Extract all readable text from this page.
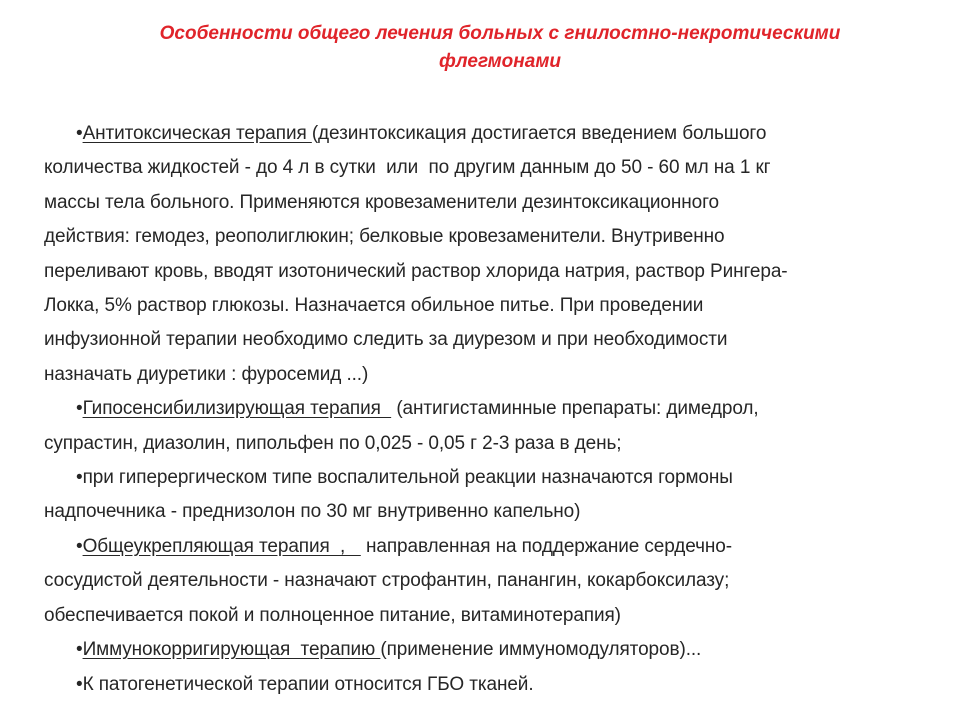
Особенности общего лечения больных с гнилостно-некротическими
флегмонами
•Антитоксическая терапия (дезинтоксикация достигается введением большого
количества жидкостей - до 4 л в сутки  или  по другим данным до 50 - 60 мл на 1 кг
массы тела больного. Применяются кровезаменители дезинтоксикационного
действия: гемодез, реополиглюкин; белковые кровезаменители. Внутривенно
переливают кровь, вводят изотонический раствор хлорида натрия, раствор Рингера-
Локка, 5% раствор глюкозы. Назначается обильное питье. При проведении
инфузионной терапии необходимо следить за диурезом и при необходимости
назначать диуретики : фуросемид ...)
•Гипосенсибилизирующая терапия   (антигистаминные препараты: димедрол,
супрастин, диазолин, пипольфен по 0,025 - 0,05 г 2-3 раза в день;
•при гиперергическом типе воспалительной реакции назначаются гормоны
надпочечника - преднизолон по 30 мг внутривенно капельно)
•Общеукрепляющая терапия  ,    направленная на поддержание сердечно-
сосудистой деятельности - назначают строфантин, панангин, кокарбоксилазу;
обеспечивается покой и полноценное питание, витаминотерапия)
•Иммунокорригирующая  терапию (применение иммуномодуляторов)...
•К патогенетической терапии относится ГБО тканей.
